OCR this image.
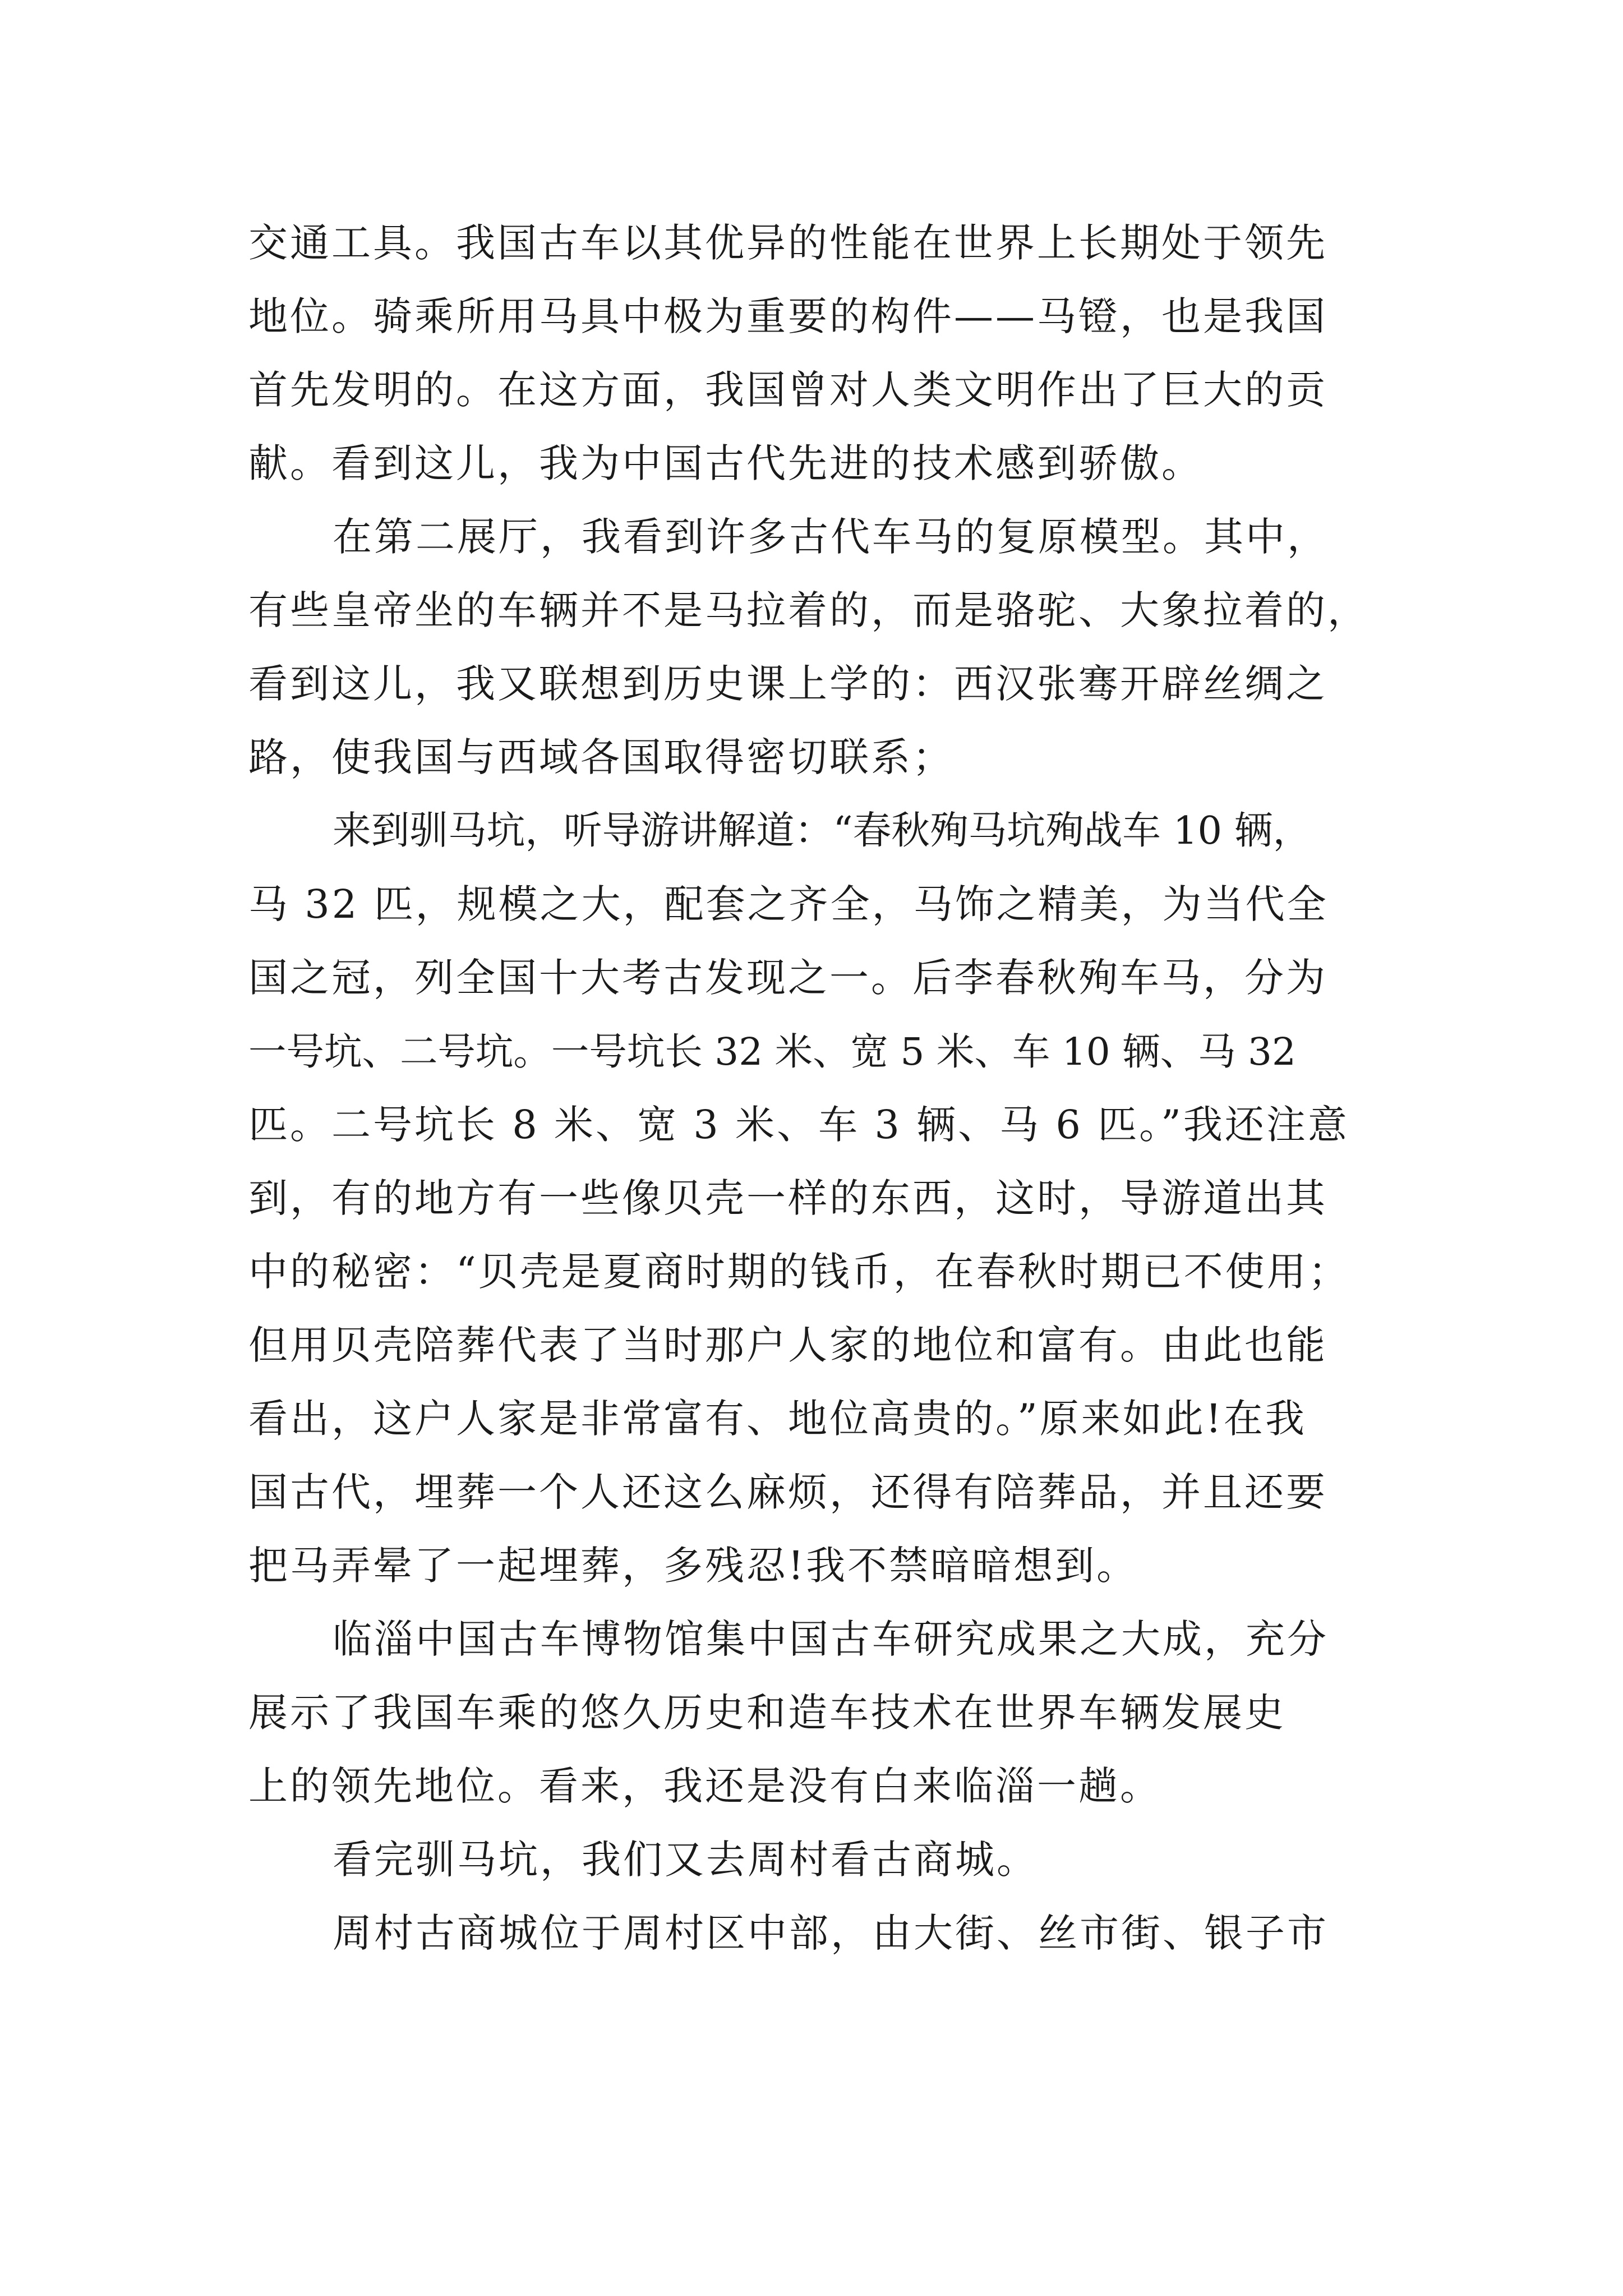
交通工具。我国古车以其优异的性能在世界上长期处于领先
地位。骑乘所用马具中极为重要的构件——马镫，也是我国
首先发明的。在这方面，我国曾对人类文明作出了巨大的贡
献。看到这儿，我为中国古代先进的技术感到骄傲。
在第二展厅，我看到许多古代车马的复原模型。其中，
有些皇帝坐的车辆并不是马拉着的，而是骆驼、大象拉着的，
看到这儿，我又联想到历史课上学的：西汉张骞开辟丝绸之
路，使我国与西域各国取得密切联系；
来到驯马坑，听导游讲解道：“春秋殉马坑殉战车 10 辆，
马 32 匹，规模之大，配套之齐全，马饰之精美，为当代全
国之冠，列全国十大考古发现之一。后李春秋殉车马，分为
一号坑、二号坑。一号坑长 32 米、宽 5 米、车 10 辆、马 32
匹。二号坑长 8 米、宽 3 米、车 3 辆、马 6 匹。”我还注意
到，有的地方有一些像贝壳一样的东西，这时，导游道出其
中的秘密：“贝壳是夏商时期的钱币，在春秋时期已不使用；
但用贝壳陪葬代表了当时那户人家的地位和富有。由此也能
看出，这户人家是非常富有、地位高贵的。”原来如此!在我
国古代，埋葬一个人还这么麻烦，还得有陪葬品，并且还要
把马弄晕了一起埋葬，多残忍!我不禁暗暗想到。
临淄中国古车博物馆集中国古车研究成果之大成，充分
展示了我国车乘的悠久历史和造车技术在世界车辆发展史
上的领先地位。看来，我还是没有白来临淄一趟。
看完驯马坑，我们又去周村看古商城。
周村古商城位于周村区中部，由大街、丝市街、银子市
